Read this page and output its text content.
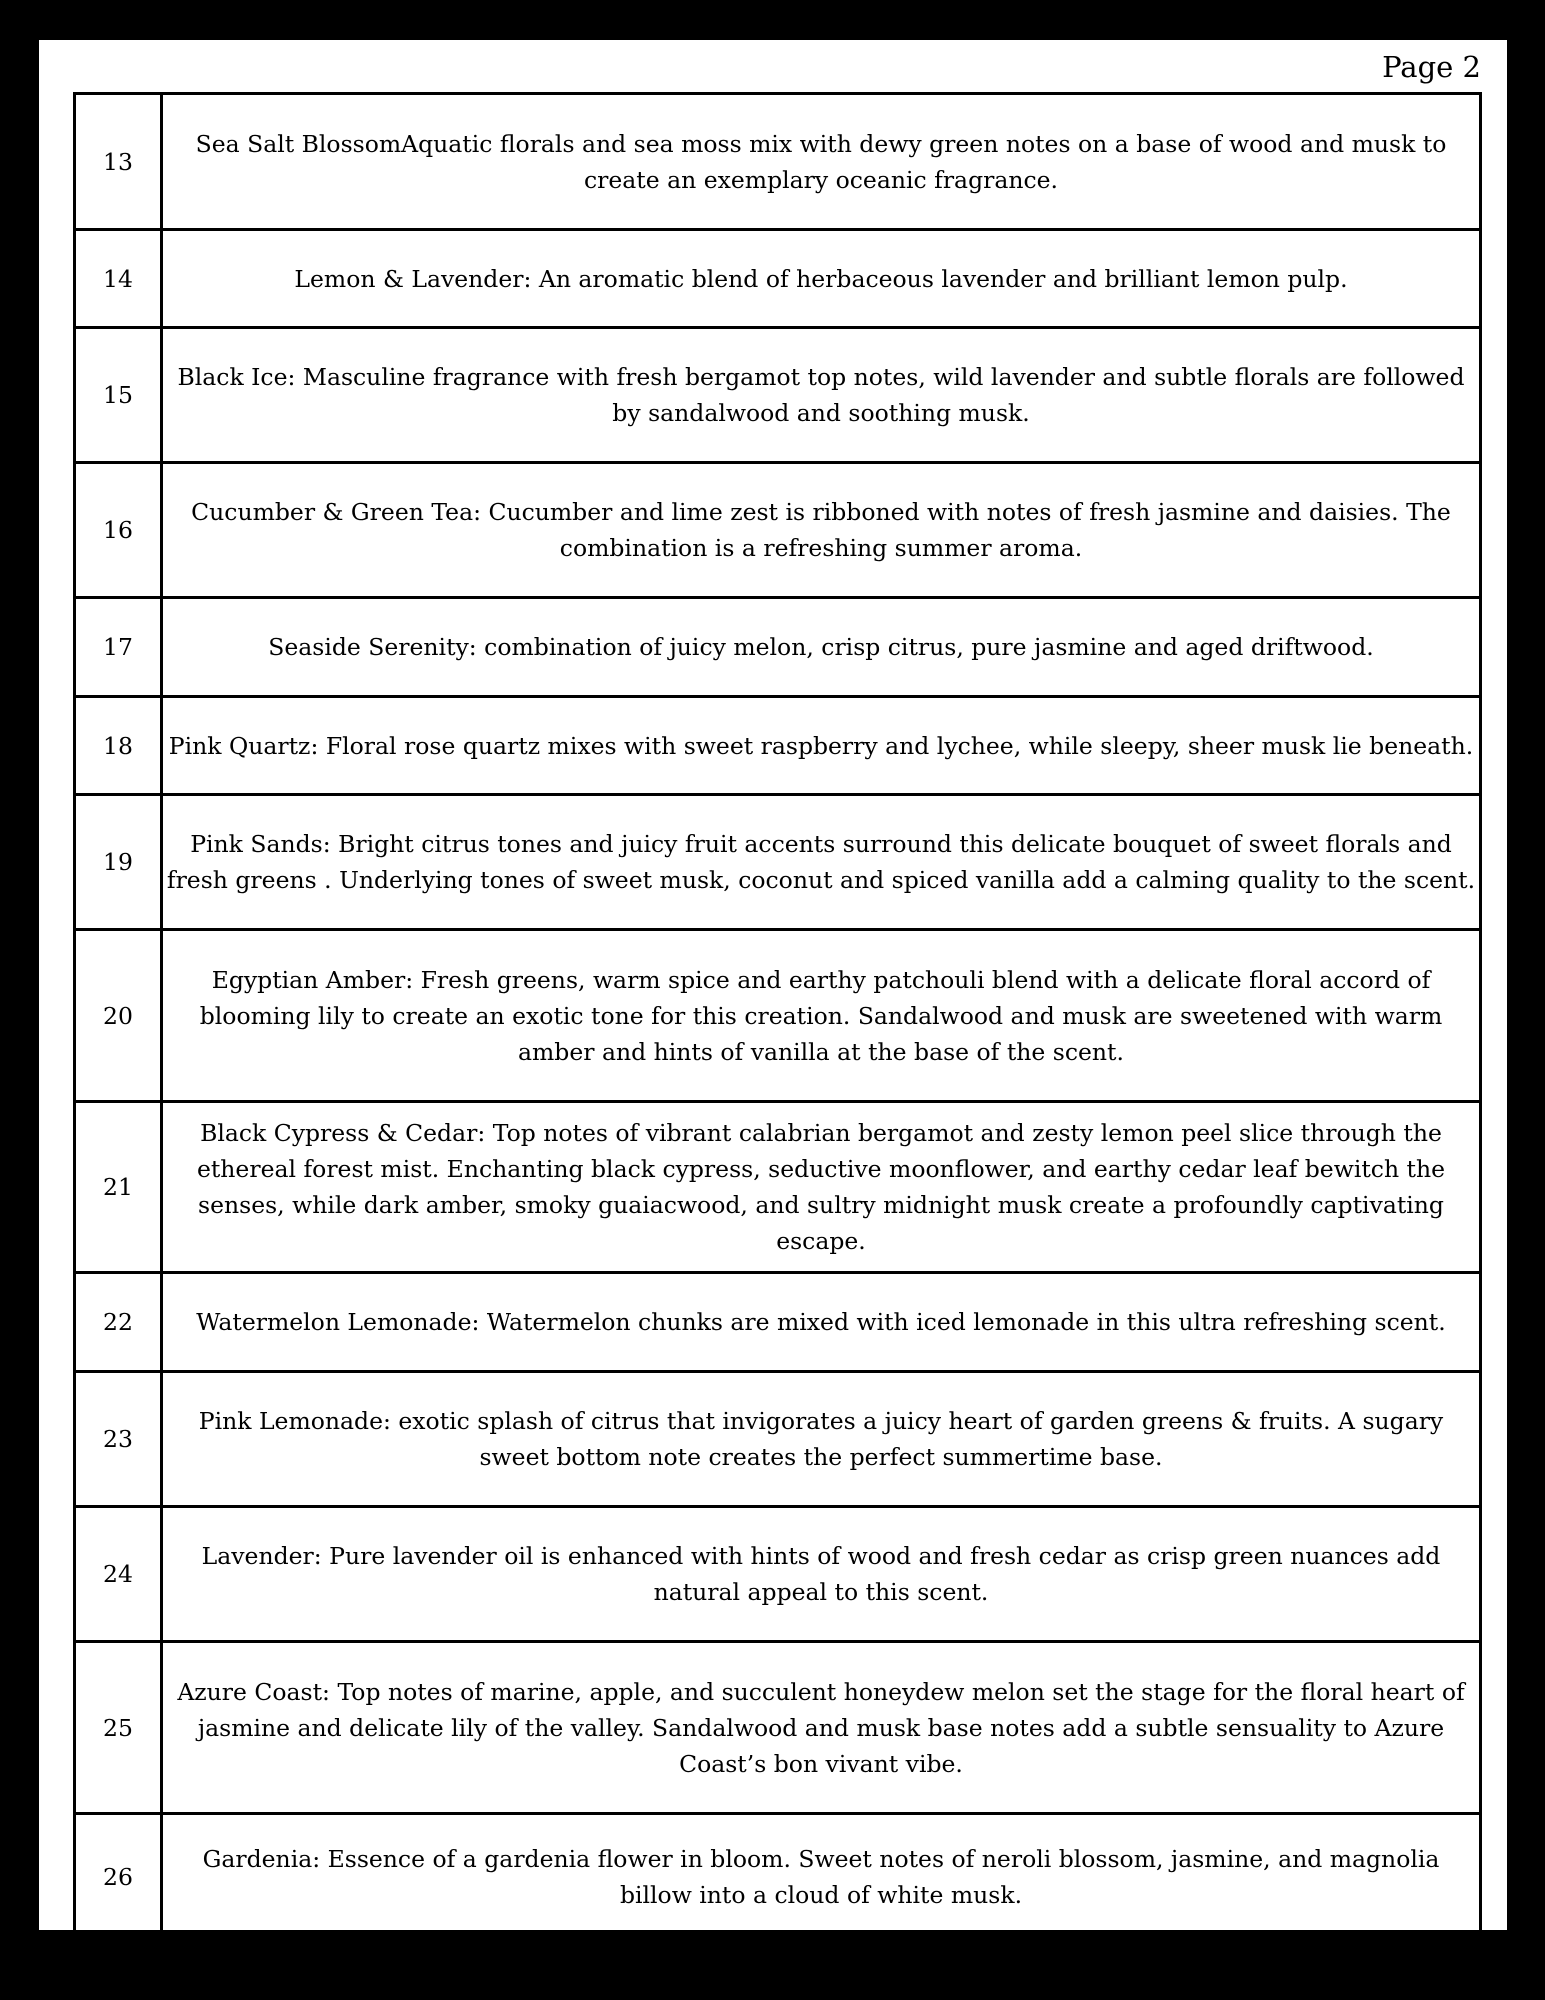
Page 2
13	Sea Salt BlossomAquatic florals and sea moss mix with dewy green notes on a base of wood and musk to create an exemplary oceanic fragrance.
14	Lemon & Lavender: An aromatic blend of herbaceous lavender and brilliant lemon pulp.
15	Black Ice: Masculine fragrance with fresh bergamot top notes, wild lavender and subtle florals are followed by sandalwood and soothing musk.
16	Cucumber & Green Tea: Cucumber and lime zest is ribboned with notes of fresh jasmine and daisies. The combination is a refreshing summer aroma.
17	Seaside Serenity: combination of juicy melon, crisp citrus, pure jasmine and aged driftwood.
18	Pink Quartz: Floral rose quartz mixes with sweet raspberry and lychee, while sleepy, sheer musk lie beneath.
19	Pink Sands: Bright citrus tones and juicy fruit accents surround this delicate bouquet of sweet florals and fresh greens . Underlying tones of sweet musk, coconut and spiced vanilla add a calming quality to the scent.
20	Egyptian Amber: Fresh greens, warm spice and earthy patchouli blend with a delicate floral accord of blooming lily to create an exotic tone for this creation. Sandalwood and musk are sweetened with warm amber and hints of vanilla at the base of the scent.
21	Black Cypress & Cedar: Top notes of vibrant calabrian bergamot and zesty lemon peel slice through the ethereal forest mist. Enchanting black cypress, seductive moonflower, and earthy cedar leaf bewitch the senses, while dark amber, smoky guaiacwood, and sultry midnight musk create a profoundly captivating escape.
22	Watermelon Lemonade: Watermelon chunks are mixed with iced lemonade in this ultra refreshing scent.
23	Pink Lemonade: exotic splash of citrus that invigorates a juicy heart of garden greens & fruits. A sugary sweet bottom note creates the perfect summertime base.
24	Lavender: Pure lavender oil is enhanced with hints of wood and fresh cedar as crisp green nuances add natural appeal to this scent.
25	Azure Coast: Top notes of marine, apple, and succulent honeydew melon set the stage for the floral heart of jasmine and delicate lily of the valley. Sandalwood and musk base notes add a subtle sensuality to Azure Coast’s bon vivant vibe.
26	Gardenia: Essence of a gardenia flower in bloom. Sweet notes of neroli blossom, jasmine, and magnolia billow into a cloud of white musk.
